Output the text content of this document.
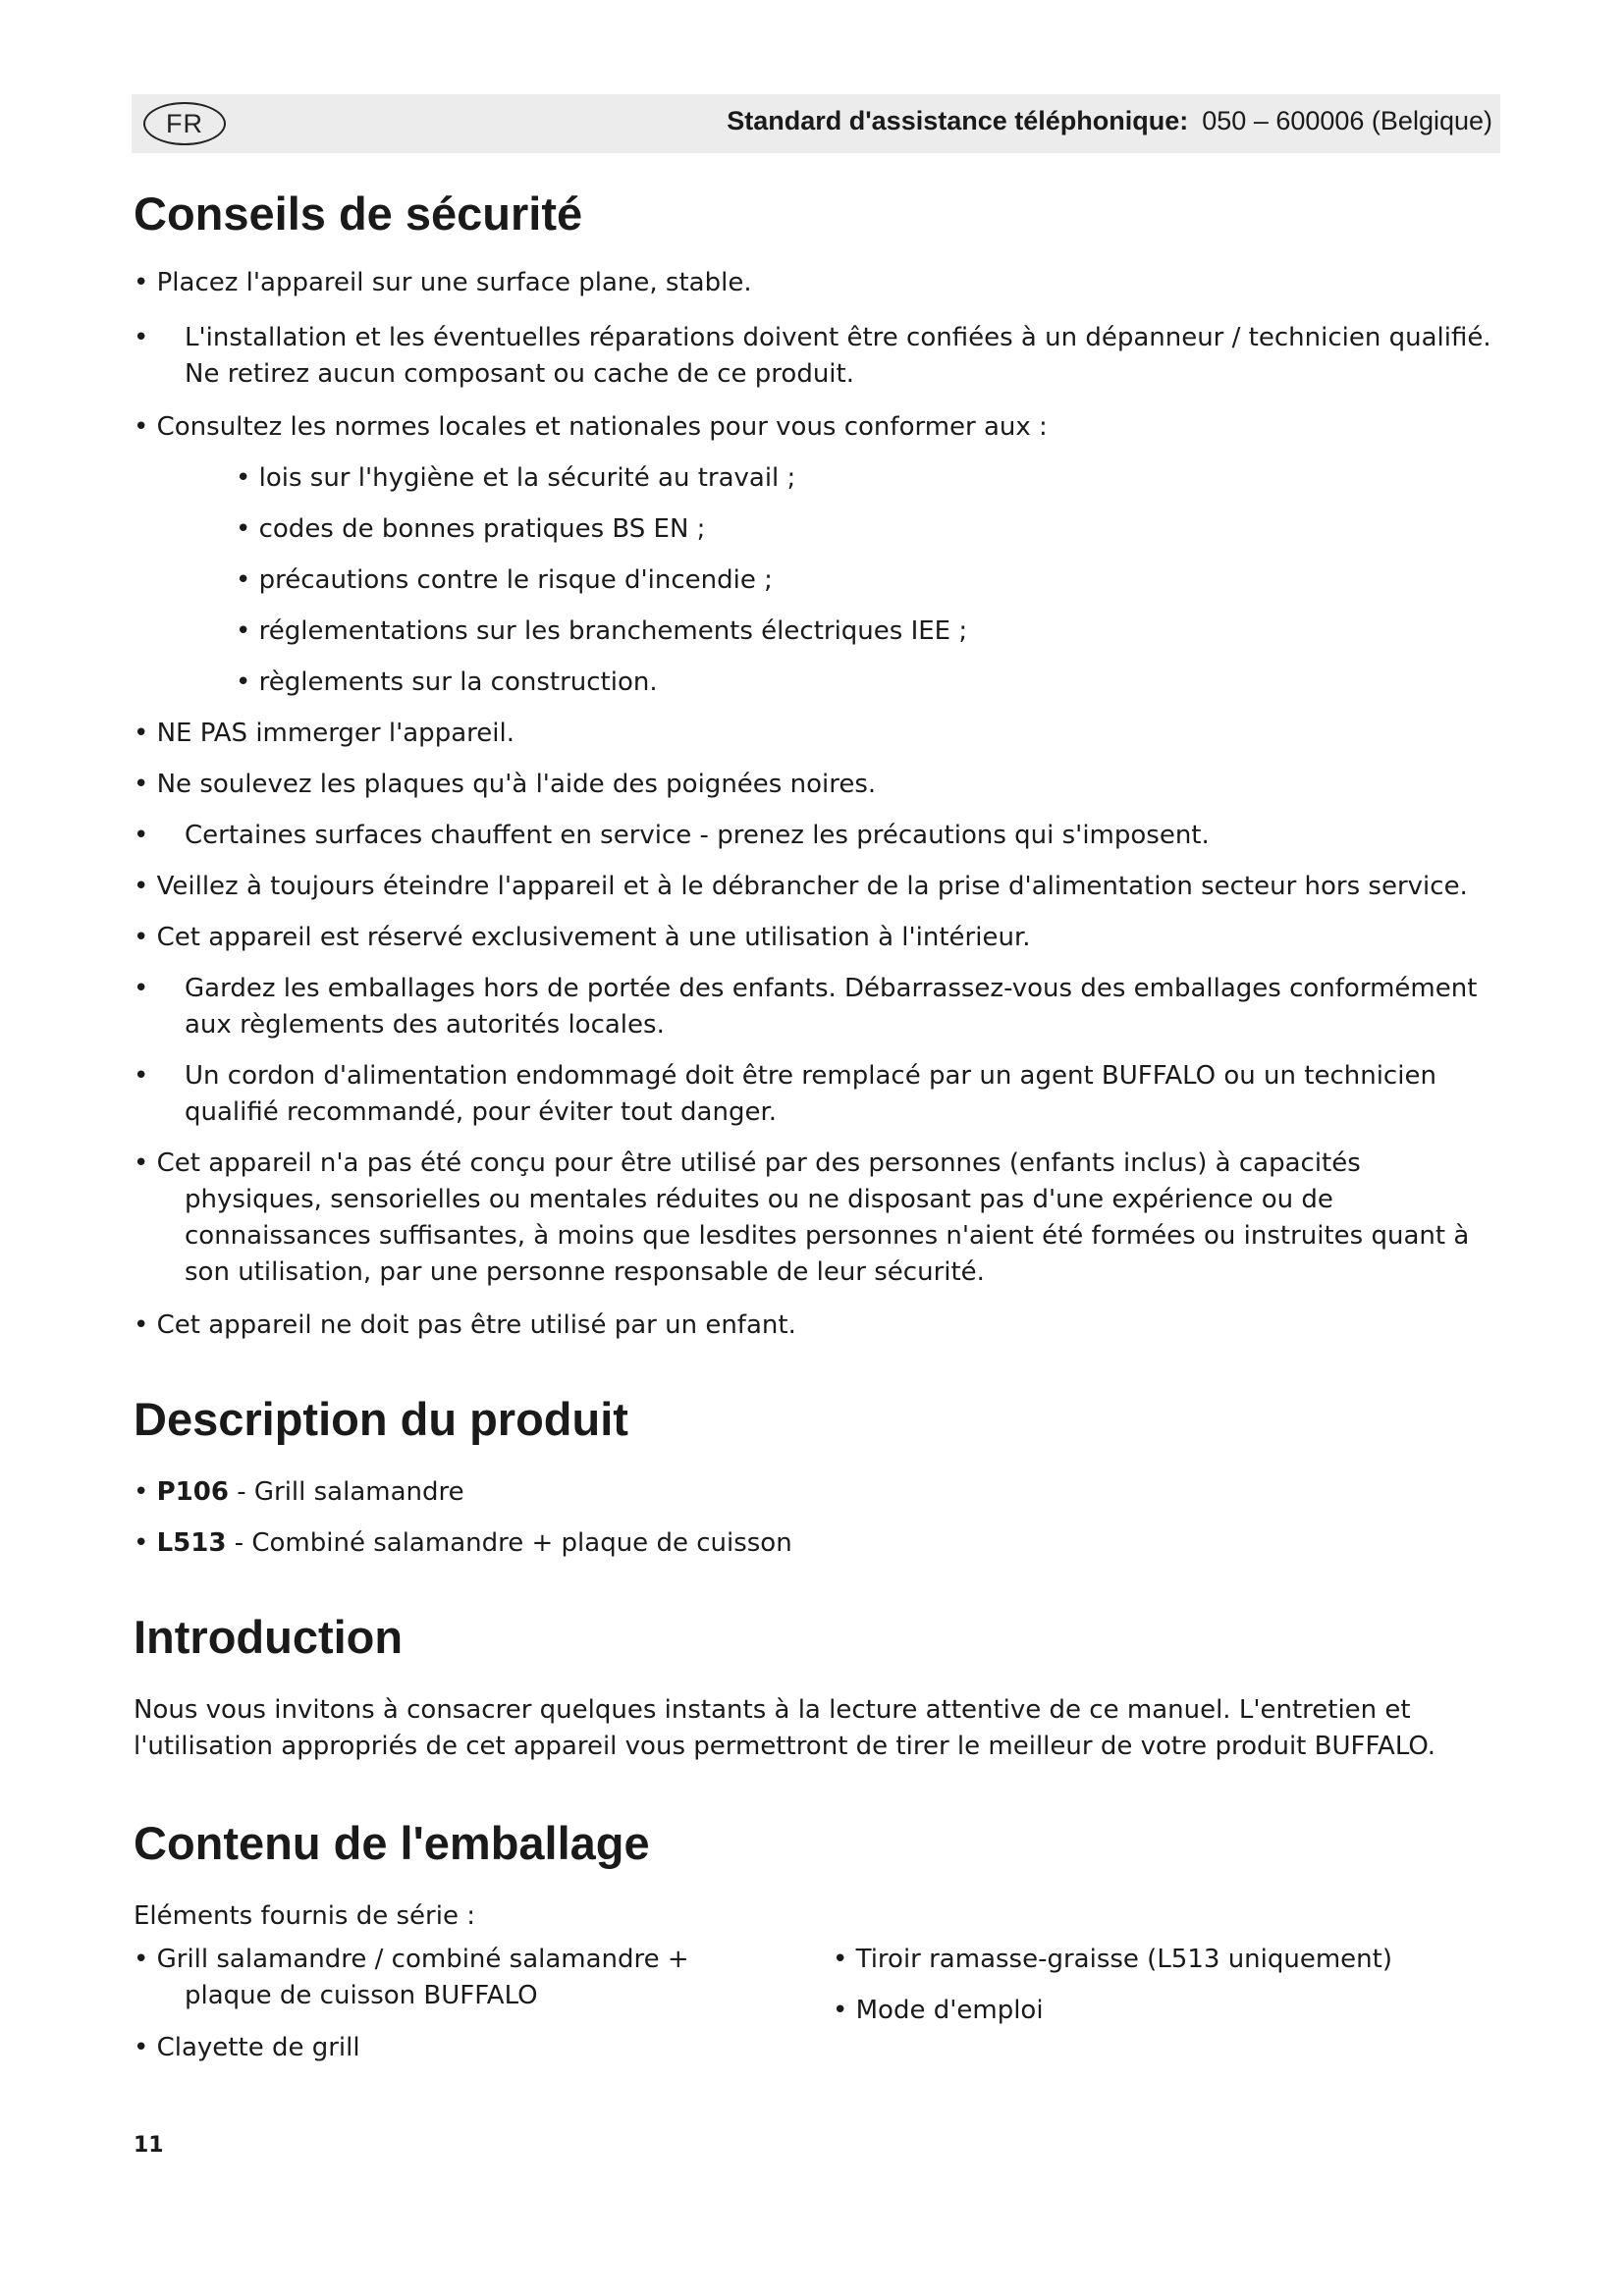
FR	Standard d'assistance téléphonique: 050 – 600006 (Belgique)
Conseils de sécurité

• Placez l'appareil sur une surface plane, stable.

• L'installation et les éventuelles réparations doivent être confiées à un dépanneur / technicien qualifié.
Ne retirez aucun composant ou cache de ce produit.

• Consultez les normes locales et nationales pour vous conformer aux :

• lois sur l'hygiène et la sécurité au travail ;

• codes de bonnes pratiques BS EN ;

• précautions contre le risque d'incendie ;

• réglementations sur les branchements électriques IEE ;

• règlements sur la construction.

• NE PAS immerger l'appareil.

• Ne soulevez les plaques qu'à l'aide des poignées noires.

• Certaines surfaces chauffent en service - prenez les précautions qui s'imposent.

• Veillez à toujours éteindre l'appareil et à le débrancher de la prise d'alimentation secteur hors service.

• Cet appareil est réservé exclusivement à une utilisation à l'intérieur.

• Gardez les emballages hors de portée des enfants. Débarrassez-vous des emballages conformément
aux règlements des autorités locales.

• Un cordon d'alimentation endommagé doit être remplacé par un agent BUFFALO ou un technicien
qualifié recommandé, pour éviter tout danger.

• Cet appareil n'a pas été conçu pour être utilisé par des personnes (enfants inclus) à capacités
physiques, sensorielles ou mentales réduites ou ne disposant pas d'une expérience ou de
connaissances suffisantes, à moins que lesdites personnes n'aient été formées ou instruites quant à
son utilisation, par une personne responsable de leur sécurité.

• Cet appareil ne doit pas être utilisé par un enfant.

Description du produit

• P106 - Grill salamandre

• L513 - Combiné salamandre + plaque de cuisson

Introduction

Nous vous invitons à consacrer quelques instants à la lecture attentive de ce manuel. L'entretien et
l'utilisation appropriés de cet appareil vous permettront de tirer le meilleur de votre produit BUFFALO.

Contenu de l'emballage

Eléments fournis de série :

• Grill salamandre / combiné salamandre +
plaque de cuisson BUFFALO

• Clayette de grill

• Tiroir ramasse-graisse (L513 uniquement)

• Mode d'emploi

11
